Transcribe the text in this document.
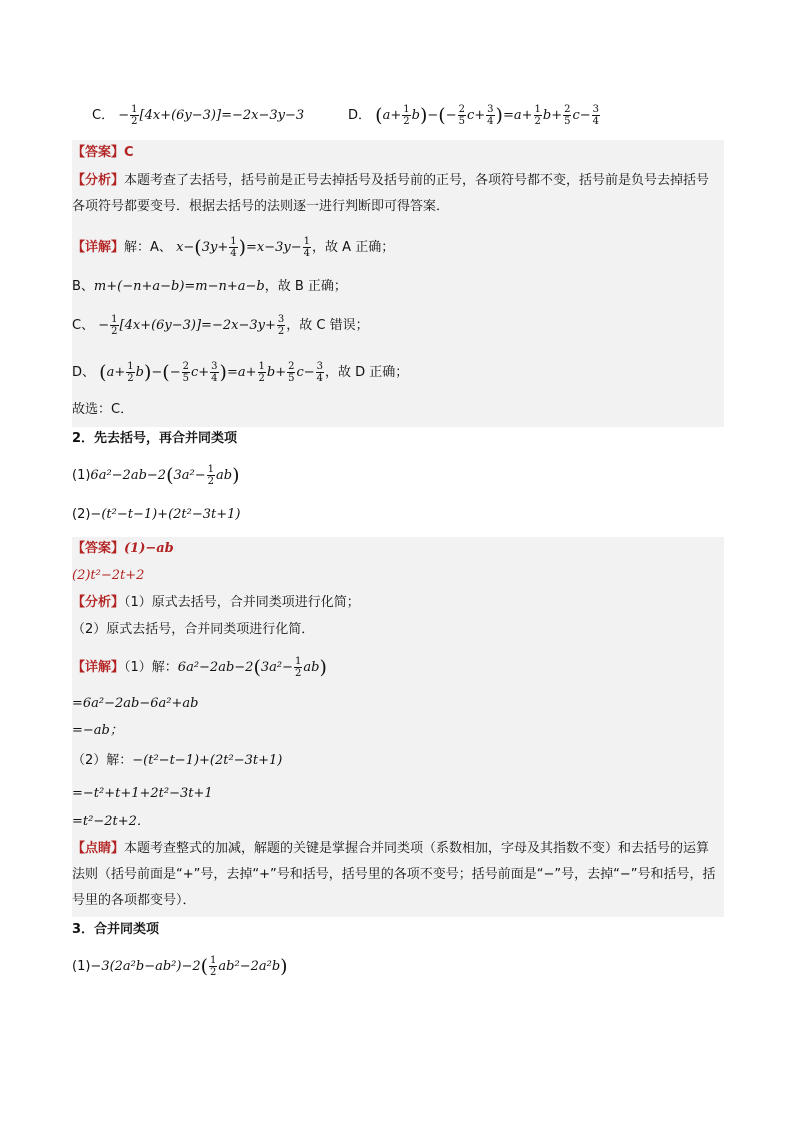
C． − $\frac{1}{2} [4x+(6y-3)]=-2x-3y-3$	D． $(a+ \frac{1}{2} b)-(- \frac{2}{5} c+ \frac{3}{4} )=a+ \frac{1}{2} b+ \frac{2}{5} c- \frac{3}{4}$
【答案】C
【分析】本题考查了去括号，括号前是正号去掉括号及括号前的正号，各项符号都不变，括号前是负号去掉括号各项符号都要变号．根据去括号的法则逐一进行判断即可得答案．
【详解】解：A、 $x-(3y+ \frac{1}{4} )=x-3y- \frac{1}{4}$ ，故 A 正确；
B、m+(−n+a−b)=m−n+a−b，故 B 正确；
C、 − $\frac{1}{2} [4x+(6y-3)]=-2x-3y+ \frac{3}{2}$ ，故 C 错误；
D、 $(a+ \frac{1}{2} b)-(- \frac{2}{5} c+ \frac{3}{4} )=a+ \frac{1}{2} b+ \frac{2}{5} c- \frac{3}{4}$ ，故 D 正确；
故选：C．
2．先去括号，再合并同类项
$(1)6a^2-2ab-2(3a^2- \frac{1}{2} ab)$
(2)−(t²−t−1)+(2t²−3t+1)
【答案】(1)−ab
(2)t²−2t+2
【分析】（1）原式去括号，合并同类项进行化简；
（2）原式去括号，合并同类项进行化简．
【详解】（1）解：$6a^2-2ab-2(3a^2- \frac{1}{2} ab)$
=6a²−2ab−6a²+ab
=−ab；
（2）解：−(t²−t−1)+(2t²−3t+1)
=−t²+t+1+2t²−3t+1
=t²−2t+2．
【点睛】本题考查整式的加减，解题的关键是掌握合并同类项（系数相加，字母及其指数不变）和去括号的运算法则（括号前面是“+”号，去掉“+”号和括号，括号里的各项不变号；括号前面是“−”号，去掉“−”号和括号，括号里的各项都变号）．
3．合并同类项
$(1)-3(2a^2b-ab^2)-2( \frac{1}{2} ab^2-2a^2b)$
